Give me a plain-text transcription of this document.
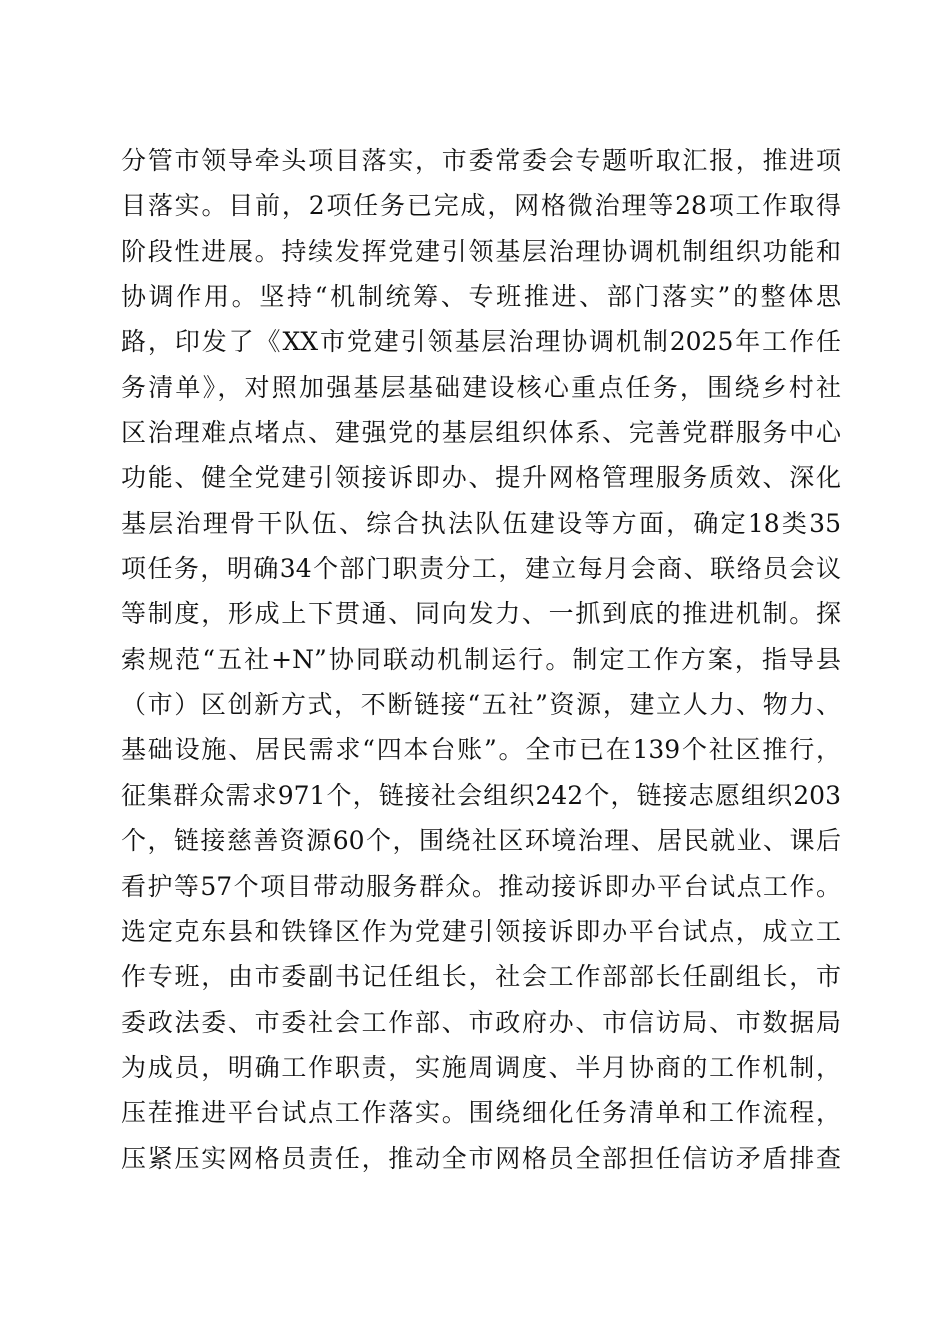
分管市领导牵头项目落实，市委常委会专题听取汇报，推进项
目落实。目前，2项任务已完成，网格微治理等28项工作取得
阶段性进展。持续发挥党建引领基层治理协调机制组织功能和
协调作用。坚持“机制统筹、专班推进、部门落实”的整体思
路，印发了《XX市党建引领基层治理协调机制2025年工作任
务清单》，对照加强基层基础建设核心重点任务，围绕乡村社
区治理难点堵点、建强党的基层组织体系、完善党群服务中心
功能、健全党建引领接诉即办、提升网格管理服务质效、深化
基层治理骨干队伍、综合执法队伍建设等方面，确定18类35
项任务，明确34个部门职责分工，建立每月会商、联络员会议
等制度，形成上下贯通、同向发力、一抓到底的推进机制。探
索规范“五社+N”协同联动机制运行。制定工作方案，指导县
（市）区创新方式，不断链接“五社”资源，建立人力、物力、
基础设施、居民需求“四本台账”。全市已在139个社区推行，
征集群众需求971个，链接社会组织242个，链接志愿组织203
个，链接慈善资源60个，围绕社区环境治理、居民就业、课后
看护等57个项目带动服务群众。推动接诉即办平台试点工作。
选定克东县和铁锋区作为党建引领接诉即办平台试点，成立工
作专班，由市委副书记任组长，社会工作部部长任副组长，市
委政法委、市委社会工作部、市政府办、市信访局、市数据局
为成员，明确工作职责，实施周调度、半月协商的工作机制，
压茬推进平台试点工作落实。围绕细化任务清单和工作流程，
压紧压实网格员责任，推动全市网格员全部担任信访矛盾排查
